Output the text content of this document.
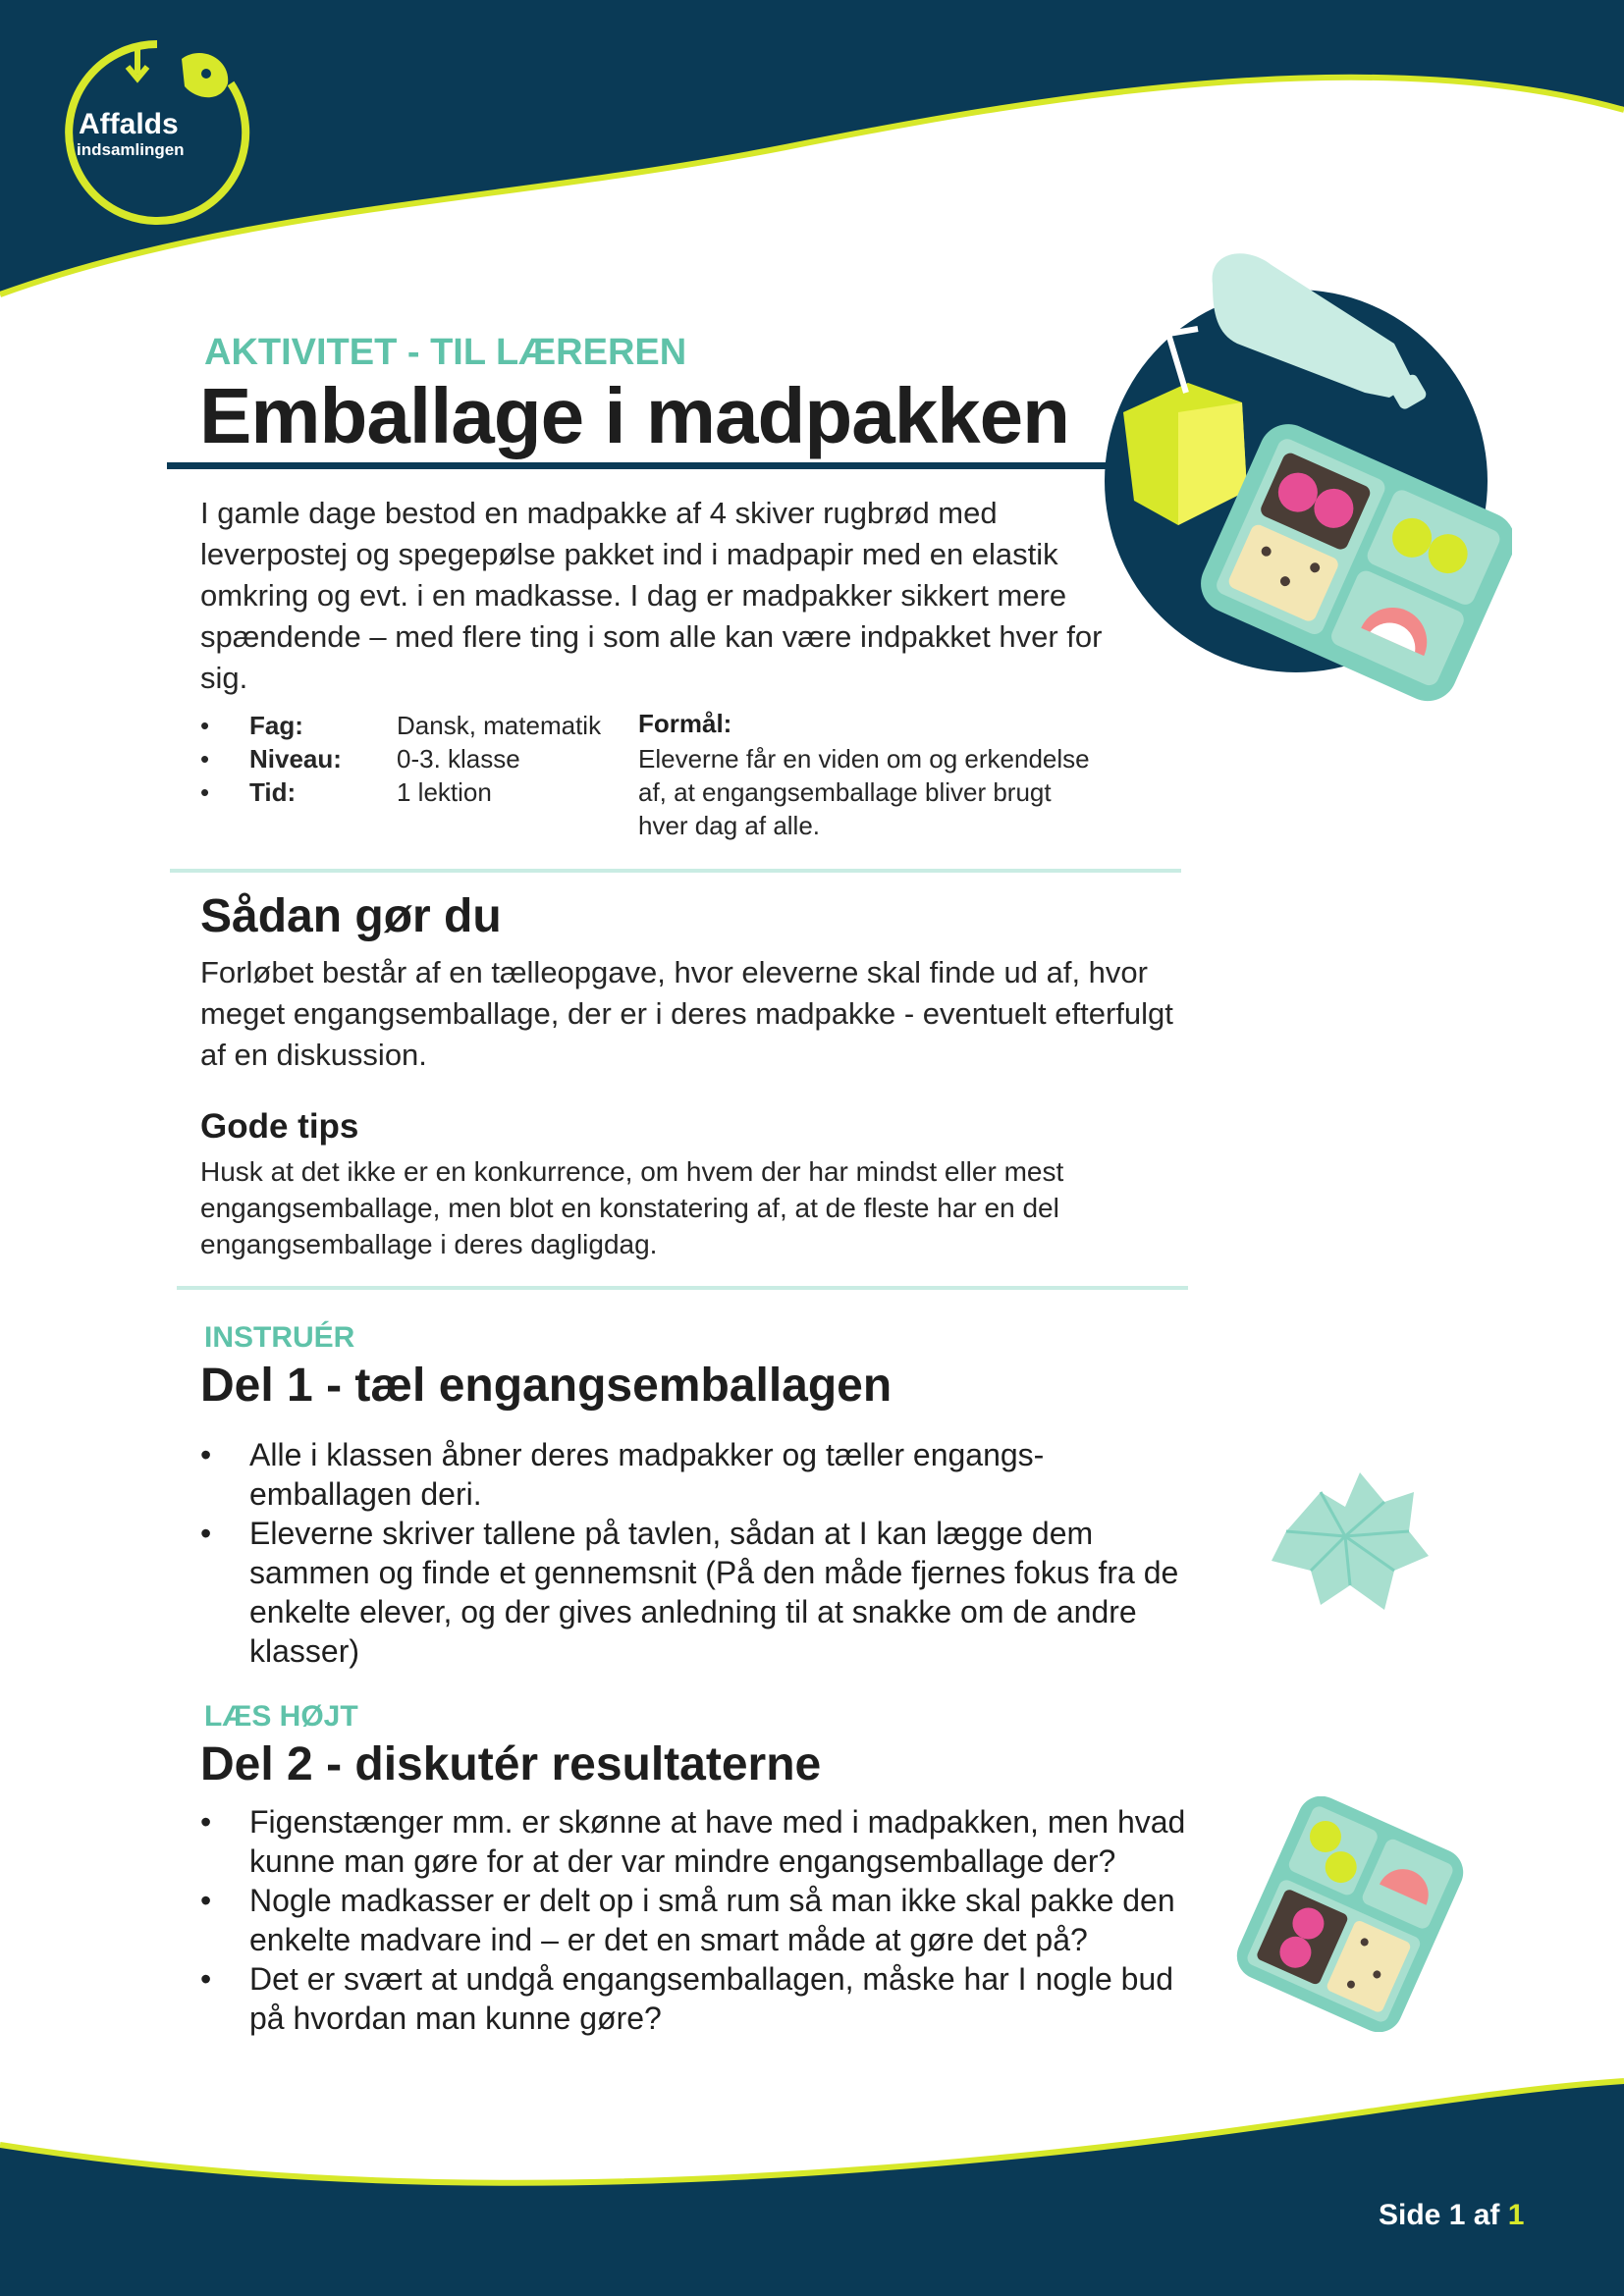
Affalds
indsamlingen
AKTIVITET - TIL LÆREREN
Emballage i madpakken

I gamle dage bestod en madpakke af 4 skiver rugbrød med leverpostej og spegepølse pakket ind i madpapir med en elastik omkring og evt. i en madkasse. I dag er madpakker sikkert mere spændende – med flere ting i som alle kan være indpakket hver for sig.

• Fag:	Dansk, matematik
• Niveau: 0-3. klasse
• Tid:	1 lektion
Formål:

Eleverne får en viden om og erkendelse af, at engangsemballage bliver brugt hver dag af alle.

Sådan gør du

Forløbet består af en tælleopgave, hvor eleverne skal finde ud af, hvor meget engangsemballage, der er i deres madpakke - eventuelt efterfulgt af en diskussion.

Gode tips

Husk at det ikke er en konkurrence, om hvem der har mindst eller mest engangsemballage, men blot en konstatering af, at de fleste har en del engangsemballage i deres dagligdag.

INSTRUÉR
Del 1 - tæl engangsemballagen
• Alle i klassen åbner deres madpakker og tæller engangs-emballagen deri.
• Eleverne skriver tallene på tavlen, sådan at I kan lægge dem sammen og finde et gennemsnit (På den måde fjernes fokus fra de enkelte elever, og der gives anledning til at snakke om de andre klasser)
LÆS HØJT
Del 2 - diskutér resultaterne
• Figenstænger mm. er skønne at have med i madpakken, men hvad kunne man gøre for at der var mindre engangsemballage der?
• Nogle madkasser er delt op i små rum så man ikke skal pakke den enkelte madvare ind – er det en smart måde at gøre det på?
• Det er svært at undgå engangsemballagen, måske har I nogle bud på hvordan man kunne gøre?
Side 1 af 1
